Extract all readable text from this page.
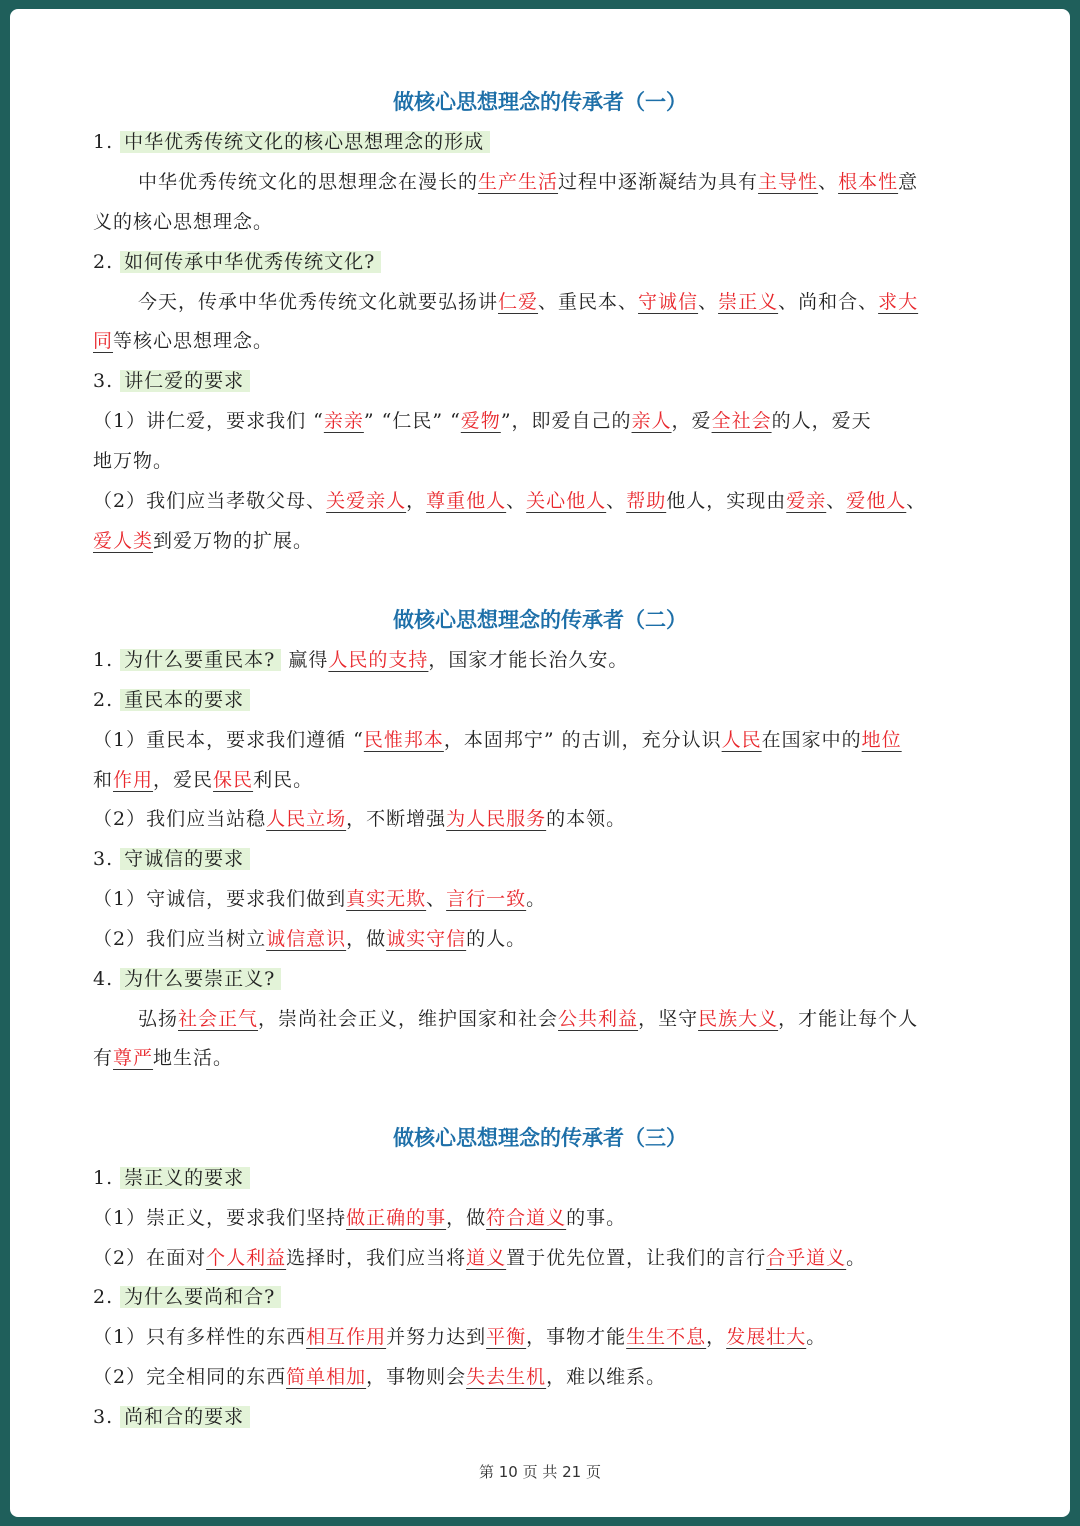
做核心思想理念的传承者（一）
1. 中华优秀传统文化的核心思想理念的形成
中华优秀传统文化的思想理念在漫长的生产生活过程中逐渐凝结为具有主导性、根本性意
义的核心思想理念。
2. 如何传承中华优秀传统文化?
今天，传承中华优秀传统文化就要弘扬讲仁爱、重民本、守诚信、崇正义、尚和合、求大
同等核心思想理念。
3. 讲仁爱的要求
（1）讲仁爱，要求我们 “亲亲” “仁民” “爱物”，即爱自己的亲人，爱全社会的人，爱天
地万物。
（2）我们应当孝敬父母、关爱亲人，尊重他人、关心他人、帮助他人，实现由爱亲、爱他人、
爱人类到爱万物的扩展。
做核心思想理念的传承者（二）
1. 为什么要重民本? 赢得人民的支持，国家才能长治久安。
2. 重民本的要求
（1）重民本，要求我们遵循 “民惟邦本，本固邦宁” 的古训，充分认识人民在国家中的地位
和作用，爱民保民利民。
（2）我们应当站稳人民立场，不断增强为人民服务的本领。
3. 守诚信的要求
（1）守诚信，要求我们做到真实无欺、言行一致。
（2）我们应当树立诚信意识，做诚实守信的人。
4. 为什么要崇正义?
弘扬社会正气，崇尚社会正义，维护国家和社会公共利益，坚守民族大义，才能让每个人
有尊严地生活。
做核心思想理念的传承者（三）
1. 崇正义的要求
（1）崇正义，要求我们坚持做正确的事，做符合道义的事。
（2）在面对个人利益选择时，我们应当将道义置于优先位置，让我们的言行合乎道义。
2. 为什么要尚和合?
（1）只有多样性的东西相互作用并努力达到平衡，事物才能生生不息，发展壮大。
（2）完全相同的东西简单相加，事物则会失去生机，难以维系。
3. 尚和合的要求
第 10 页 共 21 页
